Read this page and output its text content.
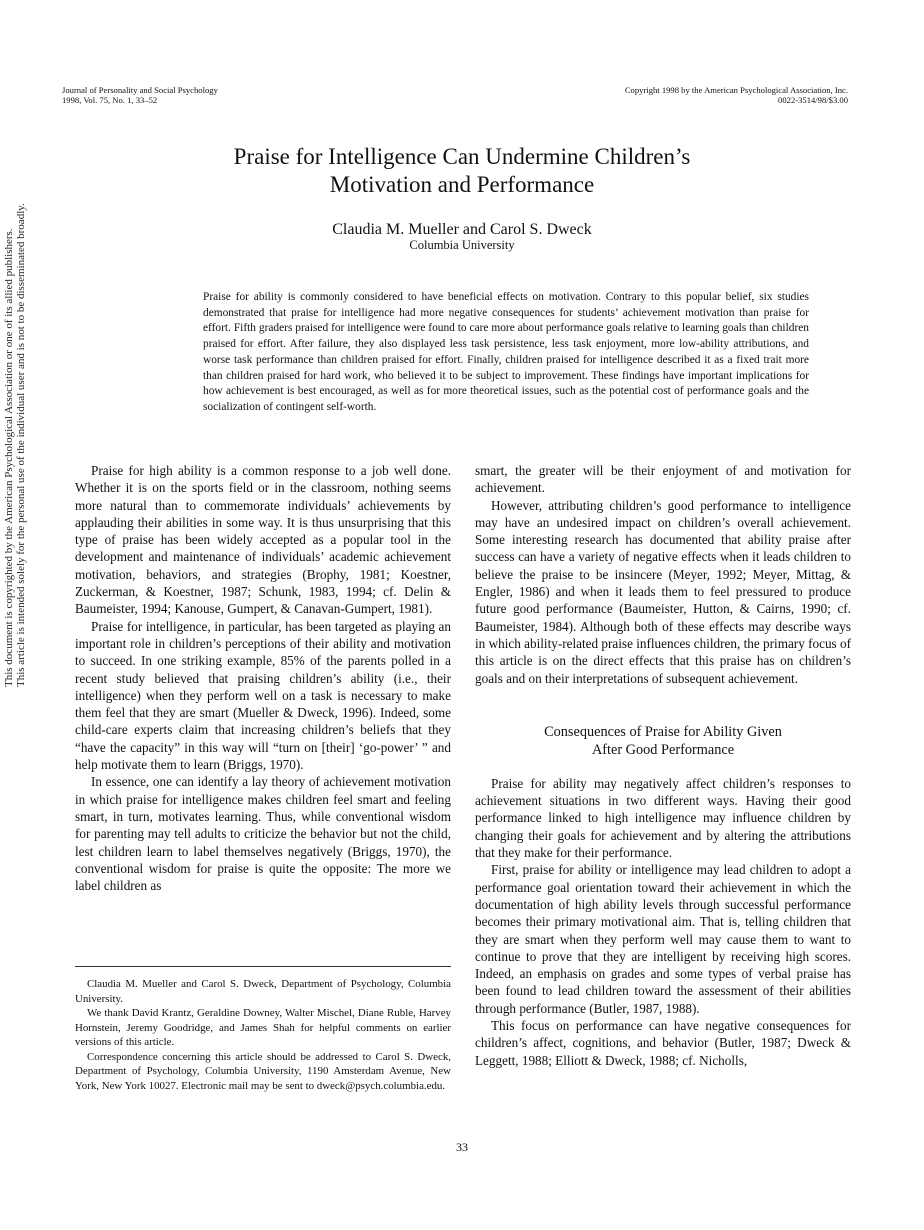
Journal of Personality and Social Psychology
1998, Vol. 75, No. 1, 33–52
Copyright 1998 by the American Psychological Association, Inc.
0022-3514/98/$3.00
This document is copyrighted by the American Psychological Association or one of its allied publishers. This article is intended solely for the personal use of the individual user and is not to be disseminated broadly.
Praise for Intelligence Can Undermine Children’s
Motivation and Performance
Claudia M. Mueller and Carol S. Dweck
Columbia University
Praise for ability is commonly considered to have beneficial effects on motivation. Contrary to this popular belief, six studies demonstrated that praise for intelligence had more negative consequences for students’ achievement motivation than praise for effort. Fifth graders praised for intelligence were found to care more about performance goals relative to learning goals than children praised for effort. After failure, they also displayed less task persistence, less task enjoyment, more low-ability attributions, and worse task performance than children praised for effort. Finally, children praised for intelligence described it as a fixed trait more than children praised for hard work, who believed it to be subject to improvement. These findings have important implications for how achievement is best encouraged, as well as for more theoretical issues, such as the potential cost of performance goals and the socialization of contingent self-worth.

Praise for high ability is a common response to a job well done. Whether it is on the sports field or in the classroom, nothing seems more natural than to commemorate individuals’ achievements by applauding their abilities in some way. It is thus unsurprising that this type of praise has been widely accepted as a popular tool in the development and maintenance of individuals’ academic achievement motivation, behaviors, and strategies (Brophy, 1981; Koestner, Zuckerman, & Koestner, 1987; Schunk, 1983, 1994; cf. Delin & Baumeister, 1994; Kanouse, Gumpert, & Canavan-Gumpert, 1981).

Praise for intelligence, in particular, has been targeted as playing an important role in children’s perceptions of their ability and motivation to succeed. In one striking example, 85% of the parents polled in a recent study believed that praising children’s ability (i.e., their intelligence) when they perform well on a task is necessary to make them feel that they are smart (Mueller & Dweck, 1996). Indeed, some child-care experts claim that increasing children’s beliefs that they “have the capacity” in this way will “turn on [their] ‘go-power’ ” and help motivate them to learn (Briggs, 1970).

In essence, one can identify a lay theory of achievement motivation in which praise for intelligence makes children feel smart and feeling smart, in turn, motivates learning. Thus, while conventional wisdom for parenting may tell adults to criticize the behavior but not the child, lest children learn to label themselves negatively (Briggs, 1970), the conventional wisdom for praise is quite the opposite: The more we label children as

Claudia M. Mueller and Carol S. Dweck, Department of Psychology, Columbia University.

We thank David Krantz, Geraldine Downey, Walter Mischel, Diane Ruble, Harvey Hornstein, Jeremy Goodridge, and James Shah for helpful comments on earlier versions of this article.

Correspondence concerning this article should be addressed to Carol S. Dweck, Department of Psychology, Columbia University, 1190 Amsterdam Avenue, New York, New York 10027. Electronic mail may be sent to dweck@psych.columbia.edu.

smart, the greater will be their enjoyment of and motivation for achievement.

However, attributing children’s good performance to intelligence may have an undesired impact on children’s overall achievement. Some interesting research has documented that ability praise after success can have a variety of negative effects when it leads children to believe the praise to be insincere (Meyer, 1992; Meyer, Mittag, & Engler, 1986) and when it leads them to feel pressured to produce future good performance (Baumeister, Hutton, & Cairns, 1990; cf. Baumeister, 1984). Although both of these effects may describe ways in which ability-related praise influences children, the primary focus of this article is on the direct effects that this praise has on children’s goals and on their interpretations of subsequent achievement.

Consequences of Praise for Ability Given
After Good Performance

Praise for ability may negatively affect children’s responses to achievement situations in two different ways. Having their good performance linked to high intelligence may influence children by changing their goals for achievement and by altering the attributions that they make for their performance.

First, praise for ability or intelligence may lead children to adopt a performance goal orientation toward their achievement in which the documentation of high ability levels through successful performance becomes their primary motivational aim. That is, telling children that they are smart when they perform well may cause them to want to continue to prove that they are intelligent by receiving high scores. Indeed, an emphasis on grades and some types of verbal praise has been found to lead children toward the assessment of their abilities through performance (Butler, 1987, 1988).

This focus on performance can have negative consequences for children’s affect, cognitions, and behavior (Butler, 1987; Dweck & Leggett, 1988; Elliott & Dweck, 1988; cf. Nicholls,

33
